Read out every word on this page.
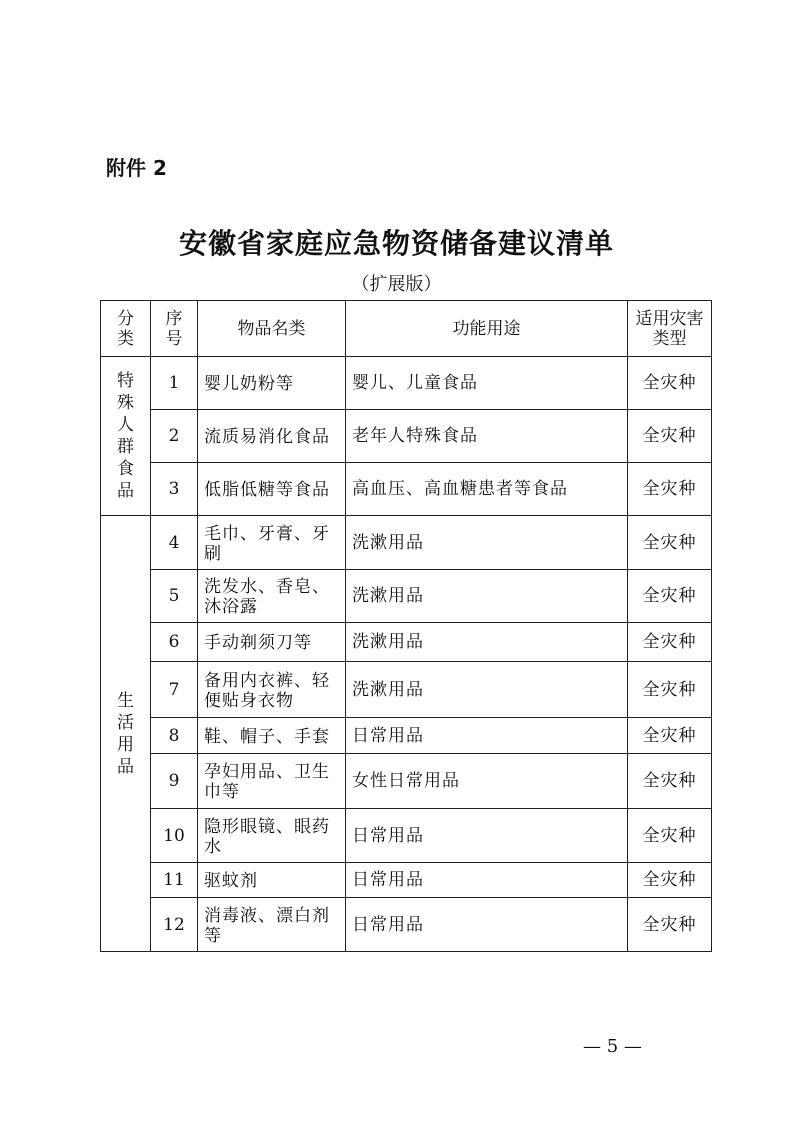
附件 2
安徽省家庭应急物资储备建议清单
（扩展版）
分类	序号	物品名类	功能用途	适用灾害类型
特殊人群食品	1	婴儿奶粉等	婴儿、儿童食品	全灾种
	2	流质易消化食品	老年人特殊食品	全灾种
	3	低脂低糖等食品	高血压、高血糖患者等食品	全灾种
生活用品	4	毛巾、牙膏、牙刷	洗漱用品	全灾种
	5	洗发水、香皂、沐浴露	洗漱用品	全灾种
	6	手动剃须刀等	洗漱用品	全灾种
	7	备用内衣裤、轻便贴身衣物	洗漱用品	全灾种
	8	鞋、帽子、手套	日常用品	全灾种
	9	孕妇用品、卫生巾等	女性日常用品	全灾种
	10	隐形眼镜、眼药水	日常用品	全灾种
	11	驱蚊剂	日常用品	全灾种
	12	消毒液、漂白剂等	日常用品	全灾种
— 5 —
